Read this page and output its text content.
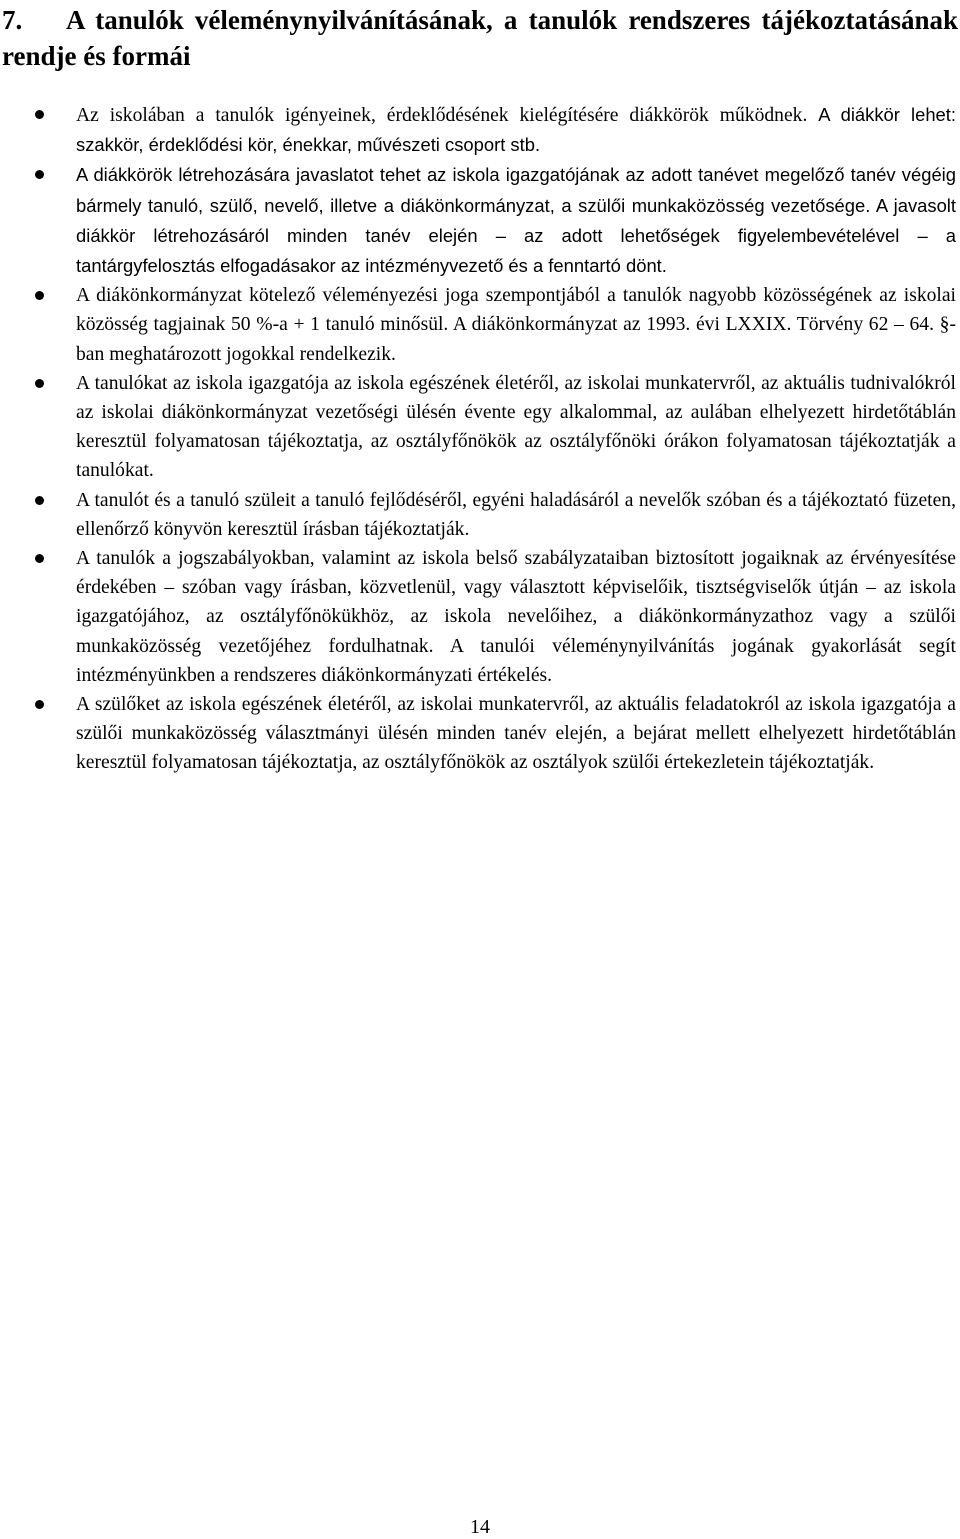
7. A tanulók véleménynyilvánításának, a tanulók rendszeres tájékoztatásának rendje és formái
Az iskolában a tanulók igényeinek, érdeklődésének kielégítésére diákkörök működnek. A diákkör lehet: szakkör, érdeklődési kör, énekkar, művészeti csoport stb.
A diákkörök létrehozására javaslatot tehet az iskola igazgatójának az adott tanévet megelőző tanév végéig bármely tanuló, szülő, nevelő, illetve a diákönkormányzat, a szülői munkaközösség vezetősége. A javasolt diákkör létrehozásáról minden tanév elején – az adott lehetőségek figyelembevételével – a tantárgyfelosztás elfogadásakor az intézményvezető és a fenntartó dönt.
A diákönkormányzat kötelező véleményezési joga szempontjából a tanulók nagyobb közösségének az iskolai közösség tagjainak 50 %-a + 1 tanuló minősül. A diákönkormányzat az 1993. évi LXXIX. Törvény 62 – 64. §-ban meghatározott jogokkal rendelkezik.
A tanulókat az iskola igazgatója az iskola egészének életéről, az iskolai munkatervről, az aktuális tudnivalókról az iskolai diákönkormányzat vezetőségi ülésén évente egy alkalommal, az aulában elhelyezett hirdetőtáblán keresztül folyamatosan tájékoztatja, az osztályfőnökök az osztályfőnöki órákon folyamatosan tájékoztatják a tanulókat.
A tanulót és a tanuló szüleit a tanuló fejlődéséről, egyéni haladásáról a nevelők szóban és a tájékoztató füzeten, ellenőrző könyvön keresztül írásban tájékoztatják.
A tanulók a jogszabályokban, valamint az iskola belső szabályzataiban biztosított jogaiknak az érvényesítése érdekében – szóban vagy írásban, közvetlenül, vagy választott képviselőik, tisztségviselők útján – az iskola igazgatójához, az osztályfőnökükhöz, az iskola nevelőihez, a diákönkormányzathoz vagy a szülői munkaközösség vezetőjéhez fordulhatnak. A tanulói véleménynyilvánítás jogának gyakorlását segít intézményünkben a rendszeres diákönkormányzati értékelés.
A szülőket az iskola egészének életéről, az iskolai munkatervről, az aktuális feladatokról az iskola igazgatója a szülői munkaközösség választmányi ülésén minden tanév elején, a bejárat mellett elhelyezett hirdetőtáblán keresztül folyamatosan tájékoztatja, az osztályfőnökök az osztályok szülői értekezletein tájékoztatják.
14
